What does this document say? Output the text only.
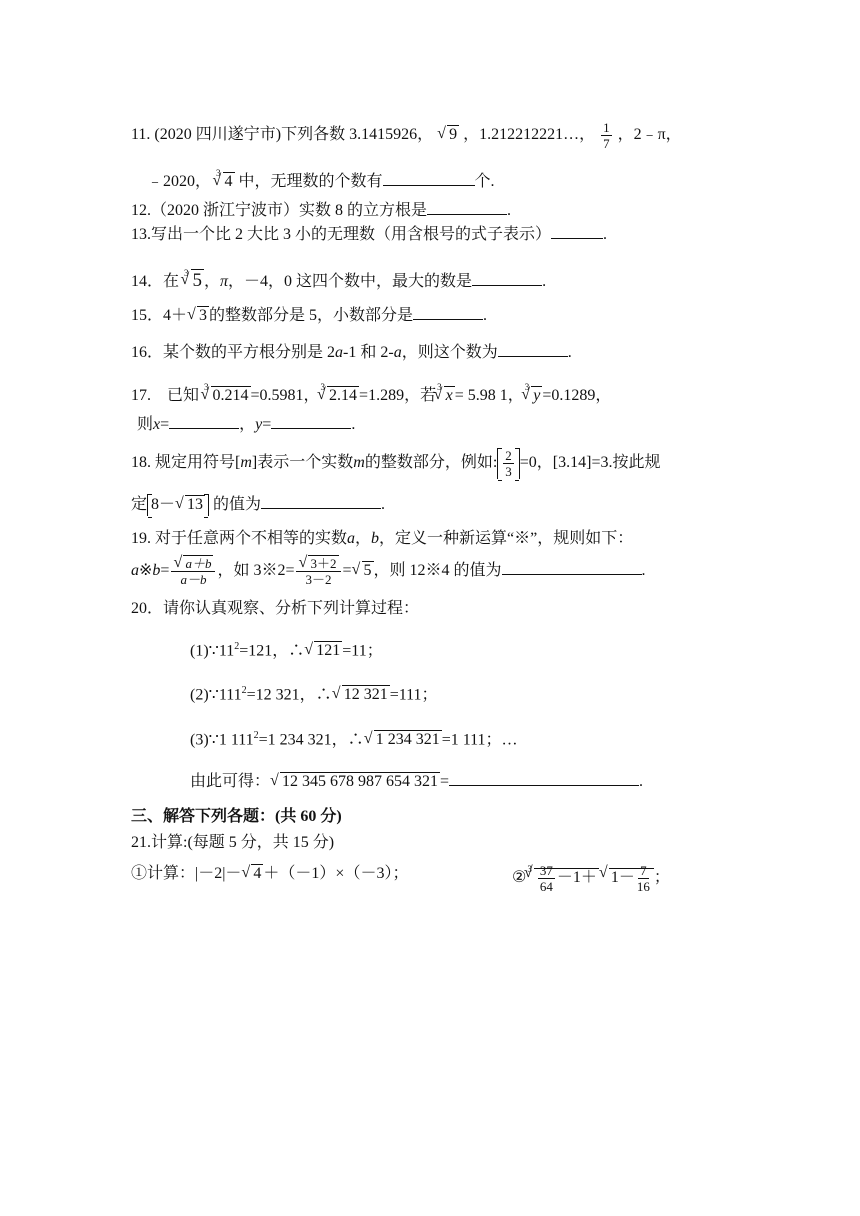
11. (2020 四川遂宁市)下列各数 3.1415926， √ 9 ，1.212212221…， $\frac{1}{7}$ ，2﹣π，
﹣2020， $^3$√ 4 中，无理数的个数有	个.
12.（2020 浙江宁波市）实数 8 的立方根是	.
13.写出一个比 2 大比 3 小的无理数（用含根号的式子表示）	.
14．在 $^3$√ 5 ，π，－4，0 这四个数中，最大的数是	.
15．4＋√ 3 的整数部分是 5，小数部分是	.
16．某个数的平方根分别是 2a-1 和 2-a，则这个数为	.
17.　已知 $^3$√ 0.214 =0.5981，$^3$√ 2.14 =1.289，若$^3$√ x = 5.98 1，$^3$√ y =0.1289，
则x=	，y=	.
18. 规定用符号[m]表示一个实数m的整数部分，例如: $\frac{2}{3} =0$，[3.14]=3.按此规
定 8－√ 13 的值为	.
19. 对于任意两个不相等的实数a，b，定义一种新运算“※”，规则如下：
a※b=
√ $\frac{a+b}{a-b}$ ，如 3※2=
√ $\frac{3+2}{3-2}$ =√ 5 ，则 12※4 的值为	.
20．请你认真观察、分析下列计算过程：
$(1)\because 11^2=121$，∴√ 121 =11；
$(2)\because 111^2=12$ 321，∴√ 12 321 =111；
(3)∵1 $111^2=1$ 234 321，∴√ 1 234 321 =1 111；…
由此可得：√ 12 345 678 987 654 321 =	.
三、解答下列各题：(共 60 分)
21.计算:(每题 5 分，共 15 分)
①计算：|－2|－√ 4 ＋（－1）×（－3）；	②$^3$
√ $\frac{37}{64} -1+√$ $1- \frac{7}{16}$ ；
